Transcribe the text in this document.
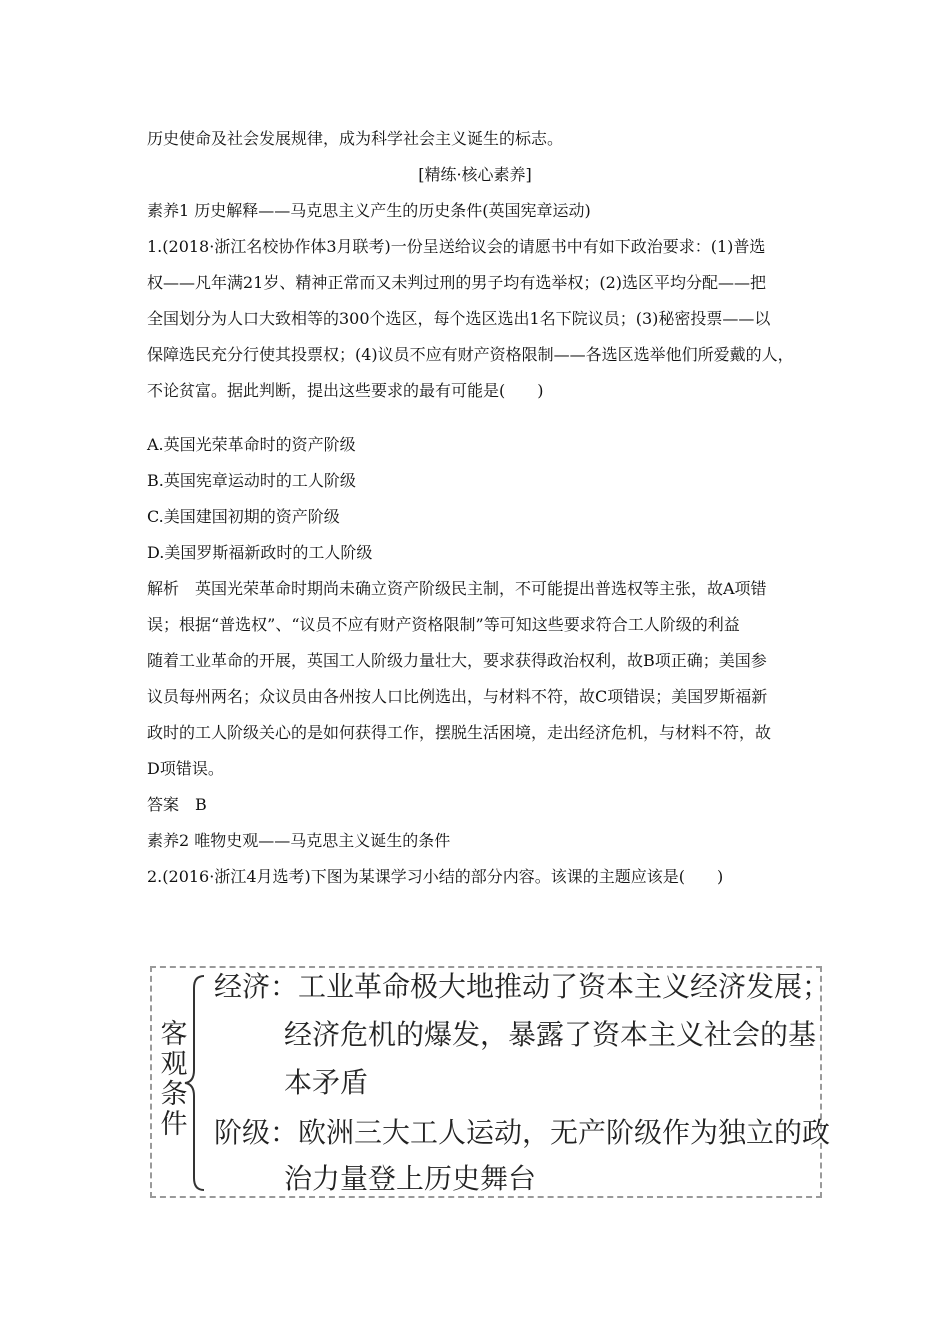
历史使命及社会发展规律，成为科学社会主义诞生的标志。
[精练·核心素养]
素养1 历史解释——马克思主义产生的历史条件(英国宪章运动)
1.(2018·浙江名校协作体3月联考)一份呈送给议会的请愿书中有如下政治要求：(1)普选
权——凡年满21岁、精神正常而又未判过刑的男子均有选举权；(2)选区平均分配——把
全国划分为人口大致相等的300个选区，每个选区选出1名下院议员；(3)秘密投票——以
保障选民充分行使其投票权；(4)议员不应有财产资格限制——各选区选举他们所爱戴的人，
不论贫富。据此判断，提出这些要求的最有可能是(　　)
A.英国光荣革命时的资产阶级
B.英国宪章运动时的工人阶级
C.美国建国初期的资产阶级
D.美国罗斯福新政时的工人阶级
解析　英国光荣革命时期尚未确立资产阶级民主制，不可能提出普选权等主张，故A项错
误；根据“普选权”、“议员不应有财产资格限制”等可知这些要求符合工人阶级的利益
随着工业革命的开展，英国工人阶级力量壮大，要求获得政治权利，故B项正确；美国参
议员每州两名；众议员由各州按人口比例选出，与材料不符，故C项错误；美国罗斯福新
政时的工人阶级关心的是如何获得工作，摆脱生活困境，走出经济危机，与材料不符，故
D项错误。
答案　B
素养2 唯物史观——马克思主义诞生的条件
2.(2016·浙江4月选考)下图为某课学习小结的部分内容。该课的主题应该是(　　)
客观条件
经济：工业革命极大地推动了资本主义经济发展；
经济危机的爆发，暴露了资本主义社会的基
本矛盾
阶级：欧洲三大工人运动，无产阶级作为独立的政
治力量登上历史舞台
